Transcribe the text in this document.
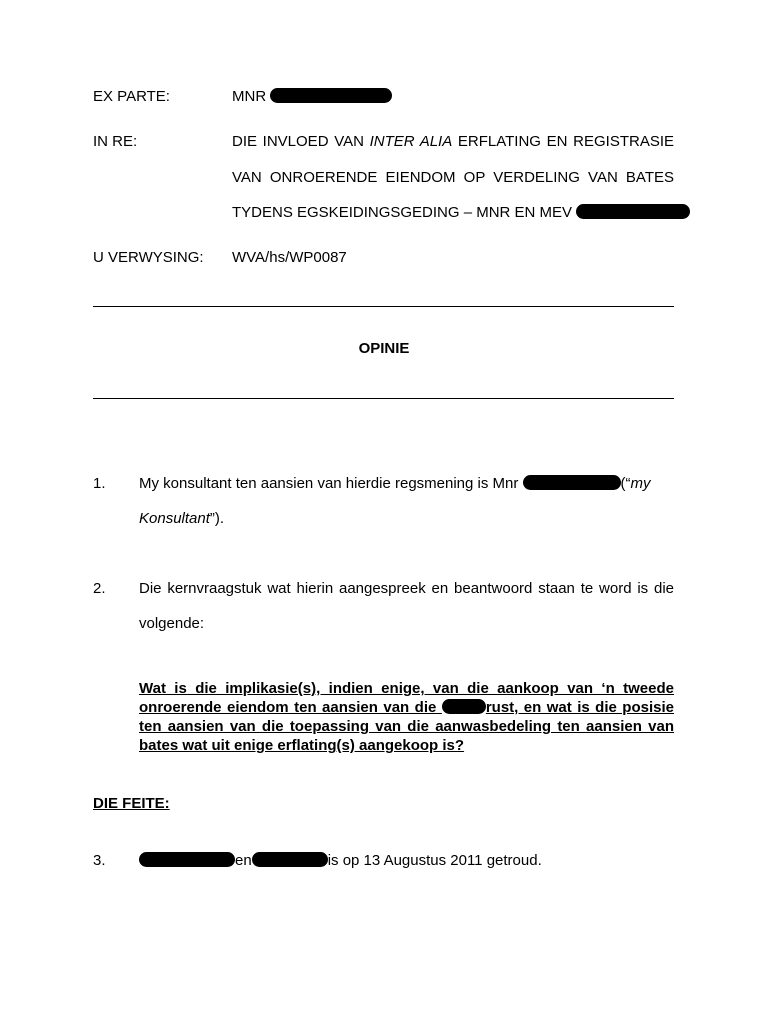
EX PARTE:	MNR
IN RE:	DIE INVLOED VAN INTER ALIA ERFLATING EN REGISTRASIE
VAN ONROERENDE EIENDOM OP VERDELING VAN BATES
TYDENS EGSKEIDINGSGEDING – MNR EN MEV
U VERWYSING: WVA/hs/WP0087
OPINIE
1. My konsultant ten aansien van hierdie regsmening is Mnr	(“my
Konsultant”).
2. Die kernvraagstuk wat hierin aangespreek en beantwoord staan te word is die
volgende:
Wat is die implikasie(s), indien enige, van die aankoop van ‘n tweede
onroerende eiendom ten aansien van die	rust, en wat is die posisie
ten aansien van die toepassing van die aanwasbedeling ten aansien van
bates wat uit enige erflating(s) aangekoop is?
DIE FEITE:
3.	en	is op 13 Augustus 2011 getroud.
